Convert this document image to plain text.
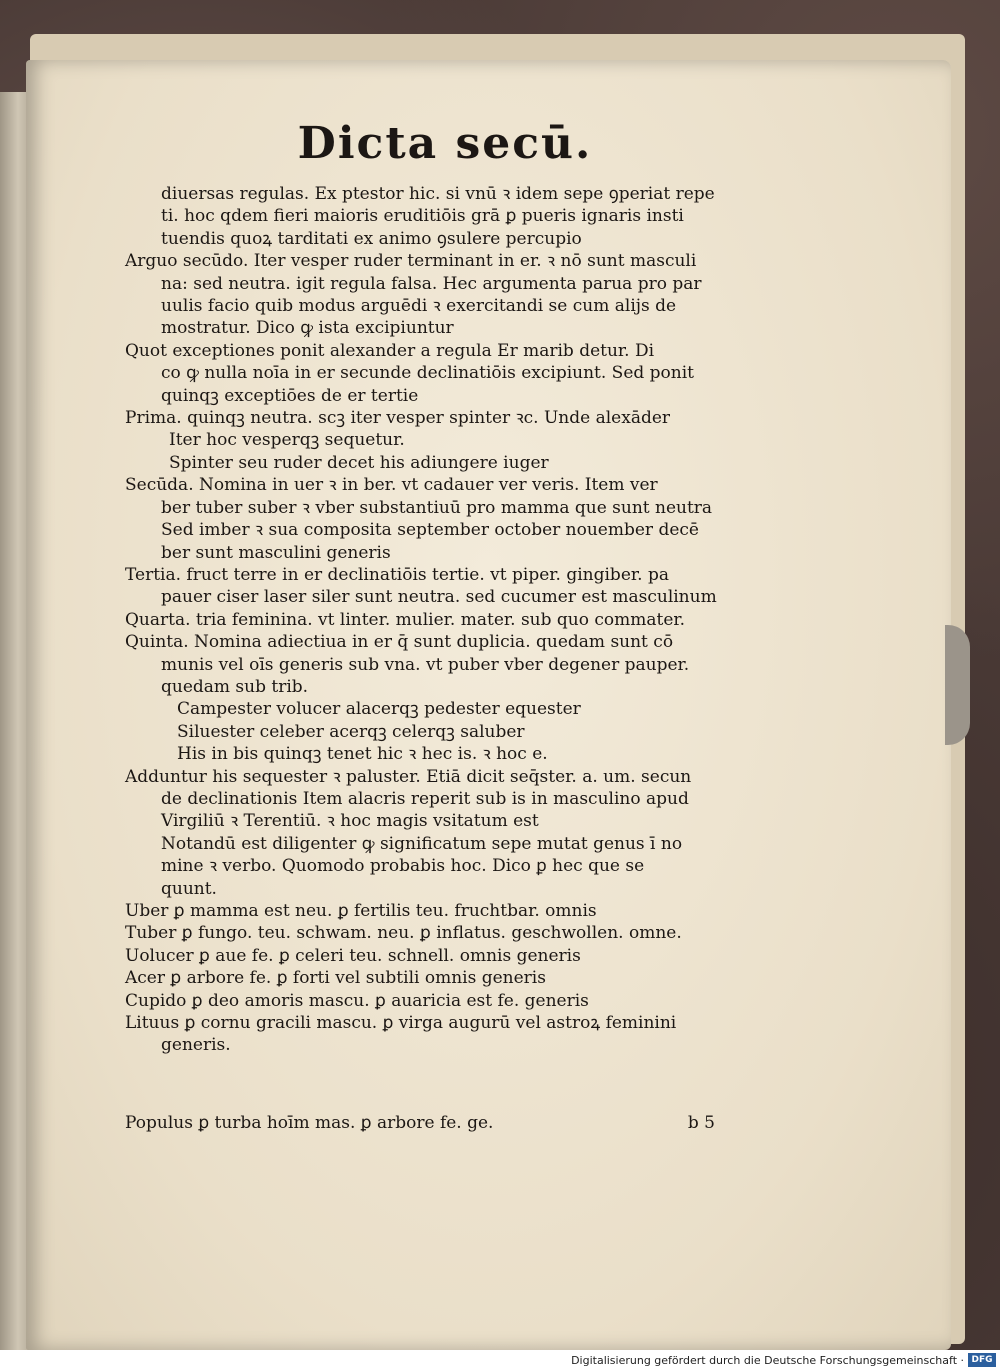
Dicta secū.
diuersas regulas. Ex ptestor hic. si vnū ꝛ idem sepe ꝯperiat repe
ti. hoc qdem fieri maioris eruditiōis grā ꝑ pueris ignaris insti
tuendis quoꝝ tarditati ex animo ꝯsulere percupio
Arguo secūdo. Iter vesper ruder terminant in er. ꝛ nō sunt masculi
na: sed neutra. igit regula falsa. Hec argumenta parua pro par
uulis facio quib modus arguēdi ꝛ exercitandi se cum alijs de
mostratur. Dico ꝙ ista excipiuntur
Quot exceptiones ponit alexander a regula Er marib detur. Di
co ꝙ nulla noīa in er secunde declinatiōis excipiunt. Sed ponit
quinqꝫ exceptiōes de er tertie
Prima. quinqꝫ neutra. scꝫ iter vesper spinter ꝛc. Unde alexāder
Iter hoc vesperqꝫ sequetur.
Spinter seu ruder decet his adiungere iuger
Secūda. Nomina in uer ꝛ in ber. vt cadauer ver veris. Item ver
ber tuber suber ꝛ vber substantiuū pro mamma que sunt neutra
Sed imber ꝛ sua composita september october nouember decē
ber sunt masculini generis
Tertia. fruct terre in er declinatiōis tertie. vt piper. gingiber. pa
pauer ciser laser siler sunt neutra. sed cucumer est masculinum
Quarta. tria feminina. vt linter. mulier. mater. sub quo commater.
Quinta. Nomina adiectiua in er q̄ sunt duplicia. quedam sunt cō
munis vel oīs generis sub vna. vt puber vber degener pauper.
quedam sub trib.
Campester volucer alacerqꝫ pedester equester
Siluester celeber acerqꝫ celerqꝫ saluber
His in bis quinqꝫ tenet hic ꝛ hec is. ꝛ hoc e.
Adduntur his sequester ꝛ paluster. Etiā dicit seq̄ster. a. um. secun
de declinationis Item alacris reperit sub is in masculino apud
Virgiliū ꝛ Terentiū. ꝛ hoc magis vsitatum est
Notandū est diligenter ꝙ significatum sepe mutat genus ī no
mine ꝛ verbo. Quomodo probabis hoc. Dico ꝑ hec que se
quunt.
Uber ꝑ mamma est neu. ꝑ fertilis teu. fruchtbar. omnis
Tuber ꝑ fungo. teu. schwam. neu. ꝑ inflatus. geschwollen. omne.
Uolucer ꝑ aue fe. ꝑ celeri teu. schnell. omnis generis
Acer ꝑ arbore fe. ꝑ forti vel subtili omnis generis
Cupido ꝑ deo amoris mascu. ꝑ auaricia est fe. generis
Lituus ꝑ cornu gracili mascu. ꝑ virga augurū vel astroꝝ feminini
generis.
Populus ꝑ turba hoīm mas. ꝑ arbore fe. ge.	b 5
Digitalisierung gefördert durch die Deutsche Forschungsgemeinschaft · DFG
